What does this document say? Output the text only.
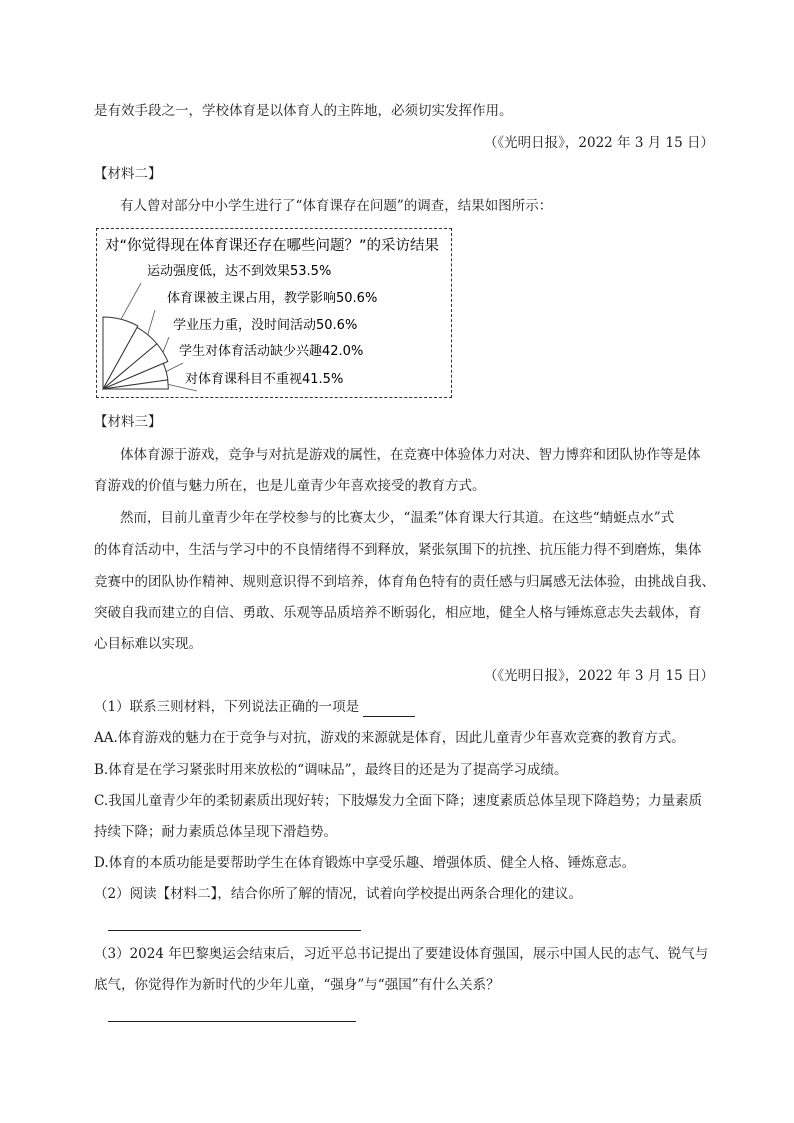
是有效手段之一，学校体育是以体育人的主阵地，必须切实发挥作用。
（《光明日报》，2022 年 3 月 15 日）
【材料二】
有人曾对部分中小学生进行了“体育课存在问题”的调查，结果如图所示：
对“你觉得现在体育课还存在哪些问题？”的采访结果
运动强度低，达不到效果53.5%
体育课被主课占用，教学影响50.6%
学业压力重，没时间活动50.6%
学生对体育活动缺少兴趣42.0%
对体育课科目不重视41.5%
【材料三】
体体育源于游戏，竞争与对抗是游戏的属性，在竞赛中体验体力对决、智力博弈和团队协作等是体
育游戏的价值与魅力所在，也是儿童青少年喜欢接受的教育方式。
然而，目前儿童青少年在学校参与的比赛太少，“温柔”体育课大行其道。在这些“蜻蜓点水”式
的体育活动中，生活与学习中的不良情绪得不到释放，紧张氛围下的抗挫、抗压能力得不到磨炼，集体
竞赛中的团队协作精神、规则意识得不到培养，体育角色特有的责任感与归属感无法体验，由挑战自我、
突破自我而建立的自信、勇敢、乐观等品质培养不断弱化，相应地，健全人格与锤炼意志失去载体，育
心目标难以实现。
（《光明日报》，2022 年 3 月 15 日）
（1）联系三则材料，下列说法正确的一项是
AA.体育游戏的魅力在于竞争与对抗，游戏的来源就是体育，因此儿童青少年喜欢竞赛的教育方式。
B.体育是在学习紧张时用来放松的“调味品”，最终目的还是为了提高学习成绩。
C.我国儿童青少年的柔韧素质出现好转；下肢爆发力全面下降；速度素质总体呈现下降趋势；力量素质
持续下降；耐力素质总体呈现下滑趋势。
D.体育的本质功能是要帮助学生在体育锻炼中享受乐趣、增强体质、健全人格、锤炼意志。
（2）阅读【材料二】，结合你所了解的情况，试着向学校提出两条合理化的建议。
（3）2024 年巴黎奥运会结束后，习近平总书记提出了要建设体育强国，展示中国人民的志气、锐气与
底气，你觉得作为新时代的少年儿童，“强身”与“强国”有什么关系？
